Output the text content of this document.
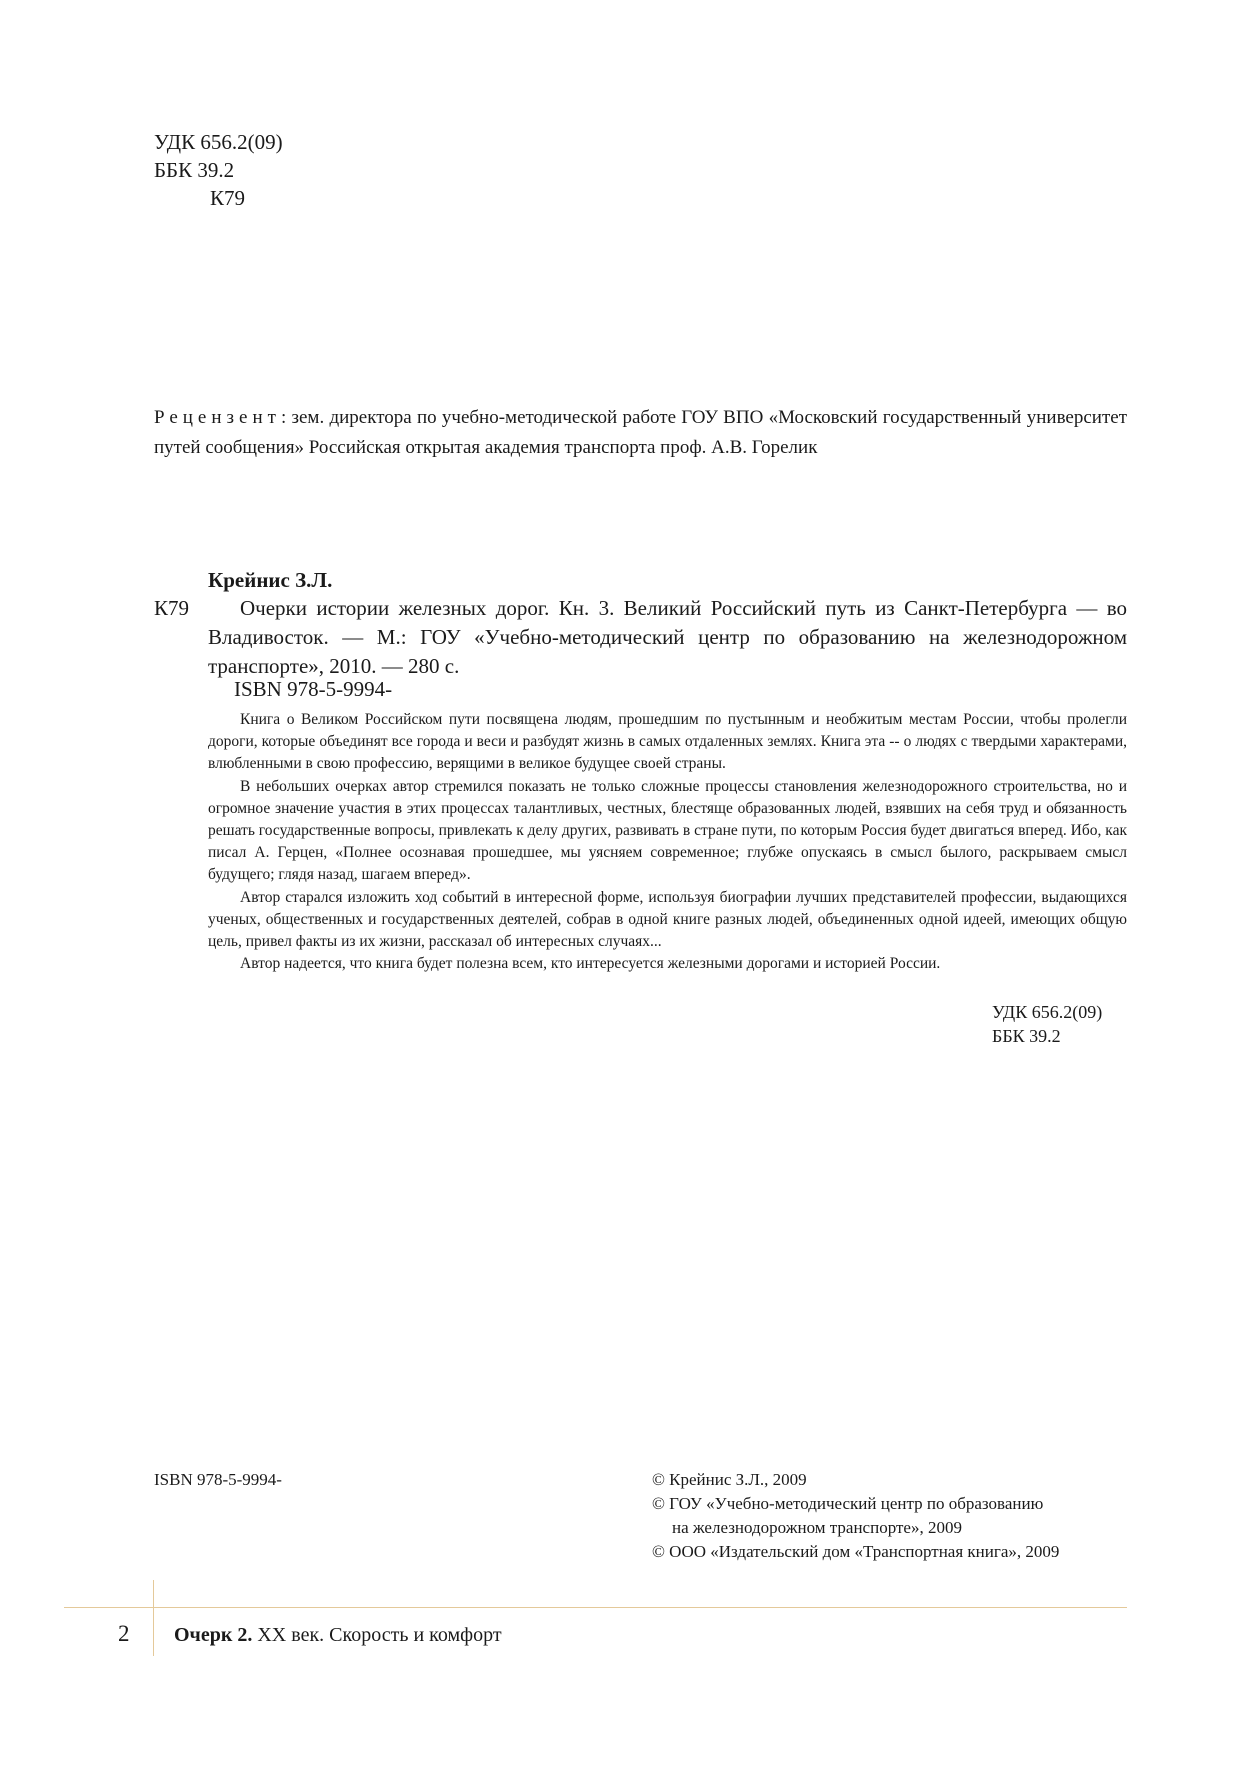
УДК 656.2(09)
ББК 39.2
К79
Рецензент: зем. директора по учебно-методической работе ГОУ ВПО «Московский государственный университет путей сообщения» Российская открытая академия транспорта проф. А.В. Горелик
Крейнис З.Л.
К79	Очерки истории железных дорог. Кн. 3. Великий Российский путь из Санкт-Петербурга — во Владивосток. — М.: ГОУ «Учебно-методический центр по образованию на железнодорожном транспорте», 2010. — 280 с.

ISBN 978-5-9994-

Книга о Великом Российском пути посвящена людям, прошедшим по пустынным и необжитым местам России, чтобы пролегли дороги, которые объединят все города и веси и разбудят жизнь в самых отдаленных землях. Книга эта -- о людях с твердыми характерами, влюбленными в свою профессию, верящими в великое будущее своей страны.

В небольших очерках автор стремился показать не только сложные процессы становления железнодорожного строительства, но и огромное значение участия в этих процессах талантливых, честных, блестяще образованных людей, взявших на себя труд и обязанность решать государственные вопросы, привлекать к делу других, развивать в стране пути, по которым Россия будет двигаться вперед. Ибо, как писал А. Герцен, «Полнее осознавая прошедшее, мы уясняем современное; глубже опускаясь в смысл былого, раскрываем смысл будущего; глядя назад, шагаем вперед».

Автор старался изложить ход событий в интересной форме, используя биографии лучших представителей профессии, выдающихся ученых, общественных и государственных деятелей, собрав в одной книге разных людей, объединенных одной идеей, имеющих общую цель, привел факты из их жизни, рассказал об интересных случаях...

Автор надеется, что книга будет полезна всем, кто интересуется железными дорогами и историей России.

УДК 656.2(09)
ББК 39.2
ISBN 978-5-9994-	© Крейнис З.Л., 2009
© ГОУ «Учебно-методический центр по образованию
на железнодорожном транспорте», 2009
© ООО «Издательский дом «Транспортная книга», 2009
2 Очерк 2. XX век. Скорость и комфорт
